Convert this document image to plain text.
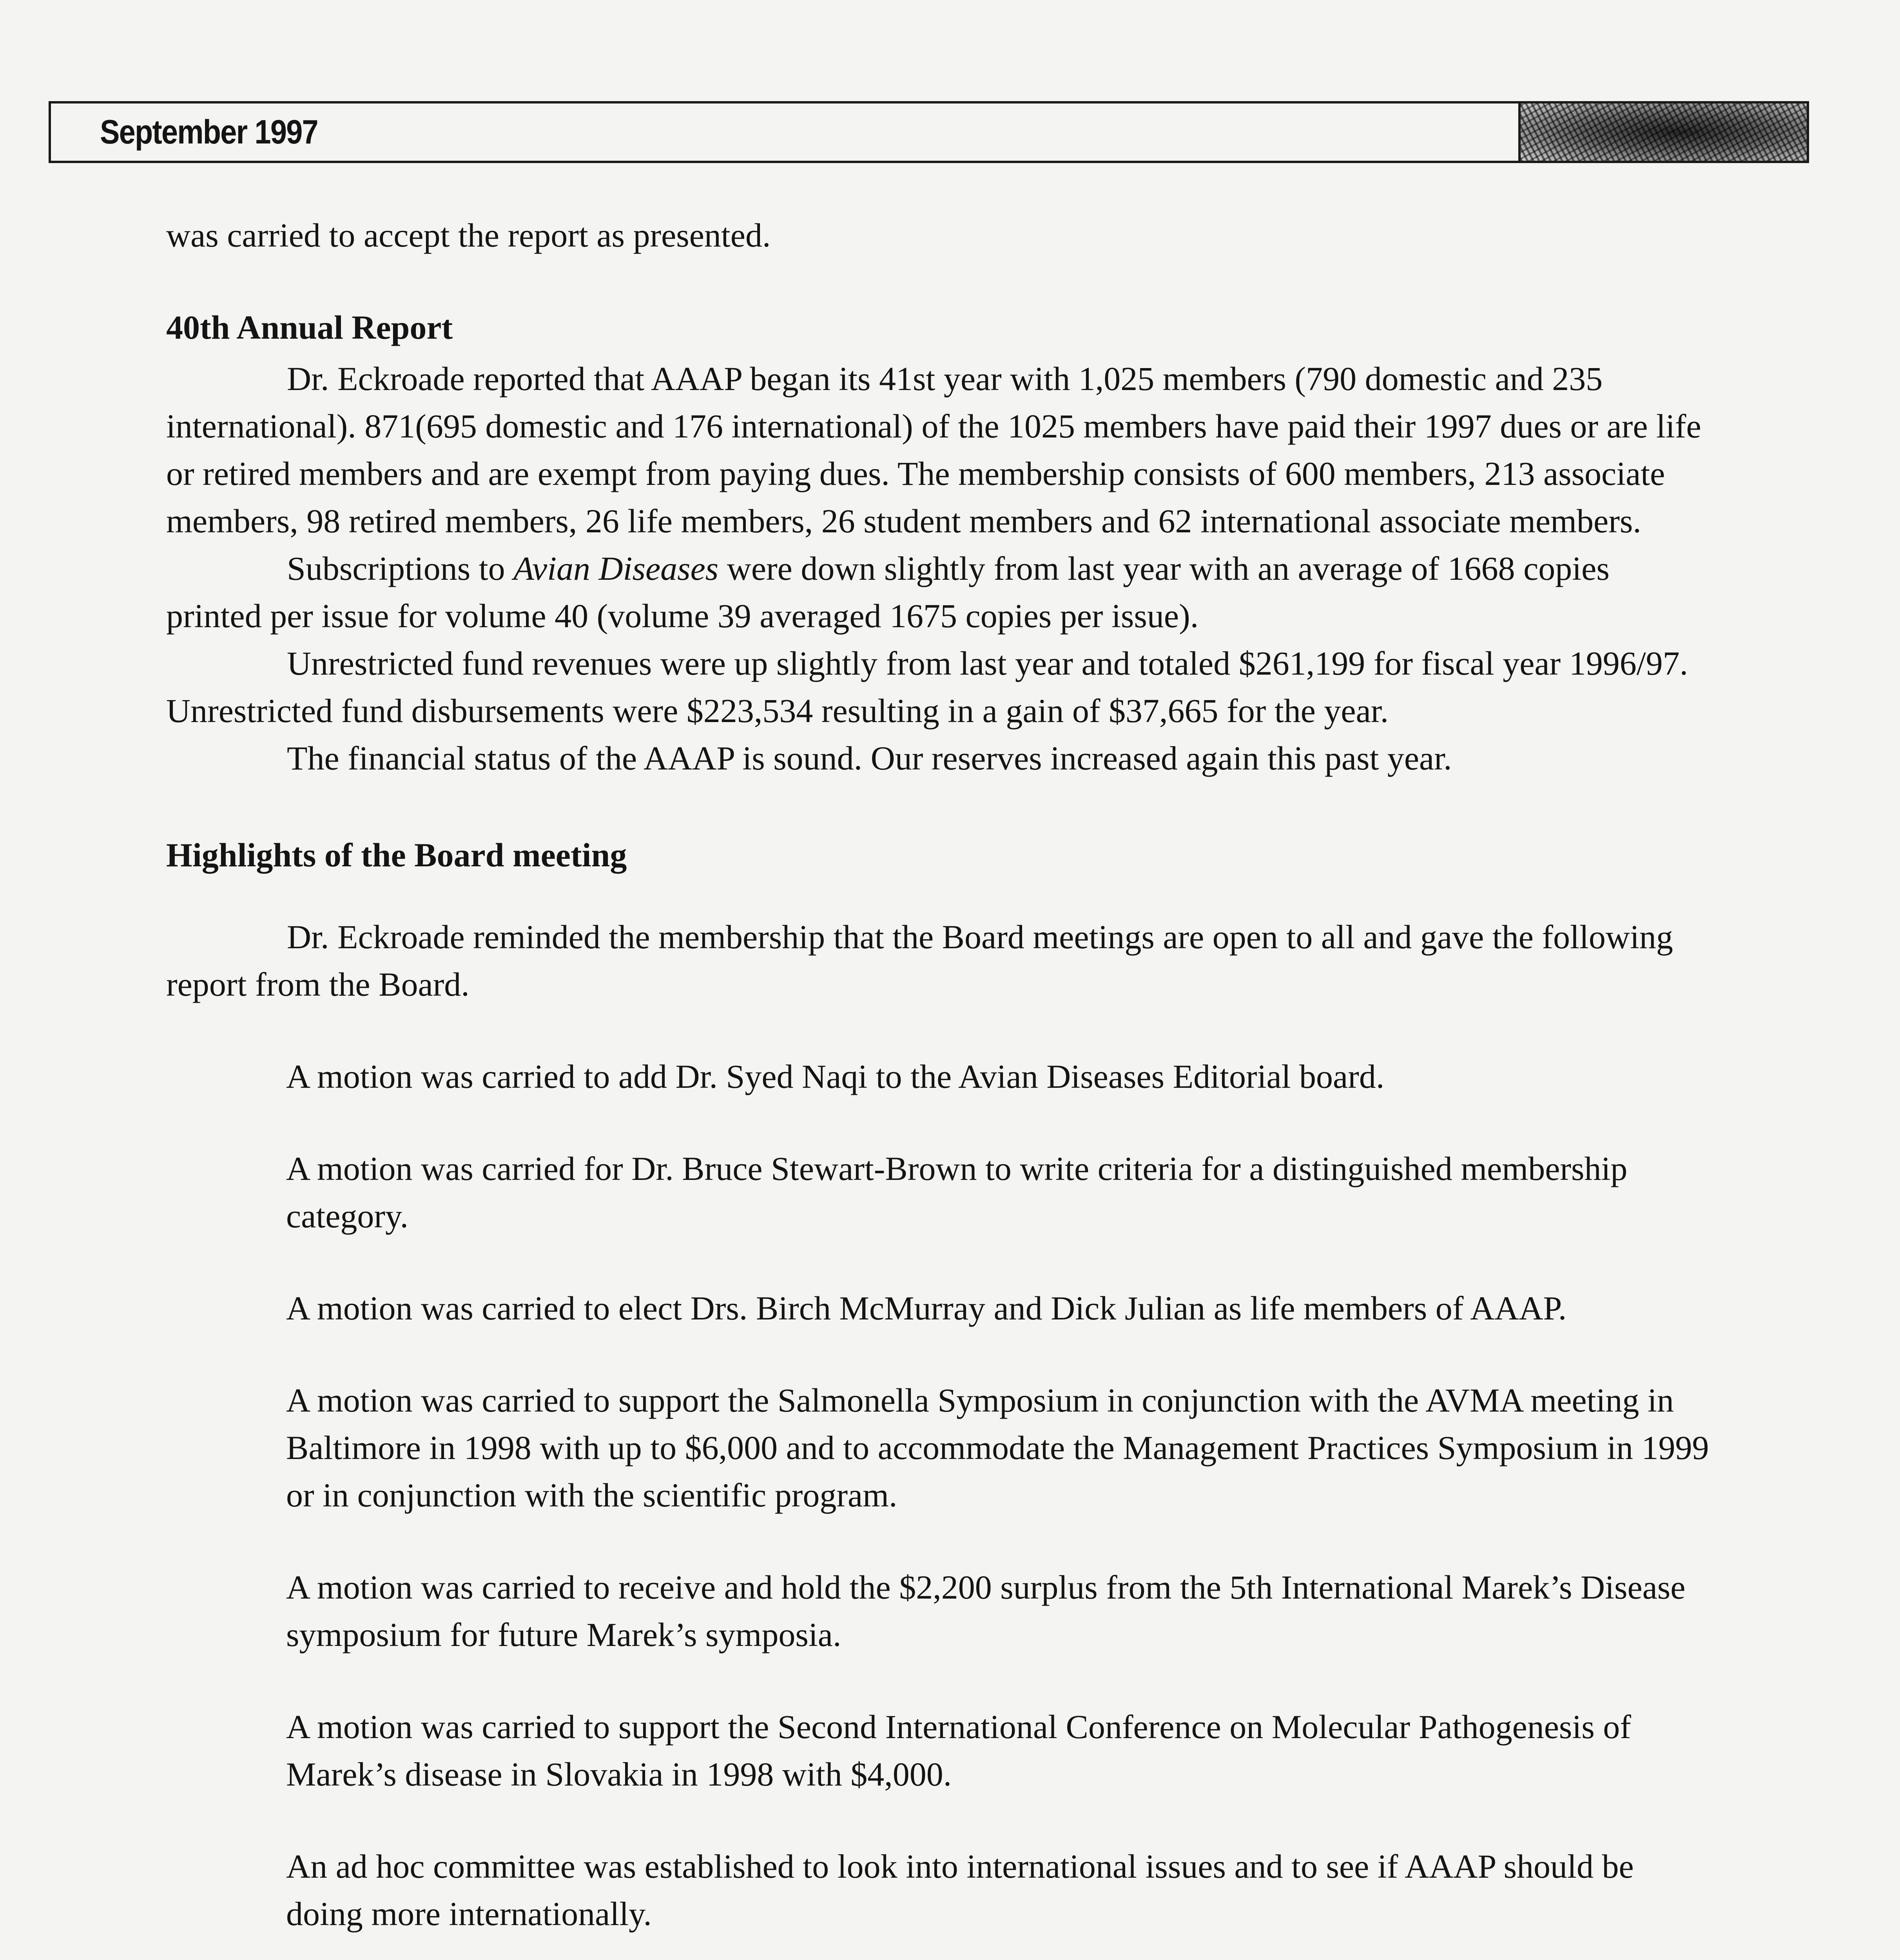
September 1997

was carried to accept the report as presented.

40th Annual Report

Dr. Eckroade reported that AAAP began its 41st year with 1,025 members (790 domestic and 235 international). 871(695 domestic and 176 international) of the 1025 members have paid their 1997 dues or are life or retired members and are exempt from paying dues. The membership consists of 600 members, 213 associate members, 98 retired members, 26 life members, 26 student members and 62 international associate members.

Subscriptions to Avian Diseases were down slightly from last year with an average of 1668 copies printed per issue for volume 40 (volume 39 averaged 1675 copies per issue).

Unrestricted fund revenues were up slightly from last year and totaled $261,199 for fiscal year 1996/97. Unrestricted fund disbursements were $223,534 resulting in a gain of $37,665 for the year.

The financial status of the AAAP is sound. Our reserves increased again this past year.

Highlights of the Board meeting

Dr. Eckroade reminded the membership that the Board meetings are open to all and gave the following report from the Board.

A motion was carried to add Dr. Syed Naqi to the Avian Diseases Editorial board.

A motion was carried for Dr. Bruce Stewart-Brown to write criteria for a distinguished membership category.

A motion was carried to elect Drs. Birch McMurray and Dick Julian as life members of AAAP.

A motion was carried to support the Salmonella Symposium in conjunction with the AVMA meeting in Baltimore in 1998 with up to $6,000 and to accommodate the Management Practices Symposium in 1999 or in conjunction with the scientific program.

A motion was carried to receive and hold the $2,200 surplus from the 5th International Marek’s Disease symposium for future Marek’s symposia.

A motion was carried to support the Second International Conference on Molecular Pathogenesis of Marek’s disease in Slovakia in 1998 with $4,000.

An ad hoc committee was established to look into international issues and to see if AAAP should be doing more internationally.
